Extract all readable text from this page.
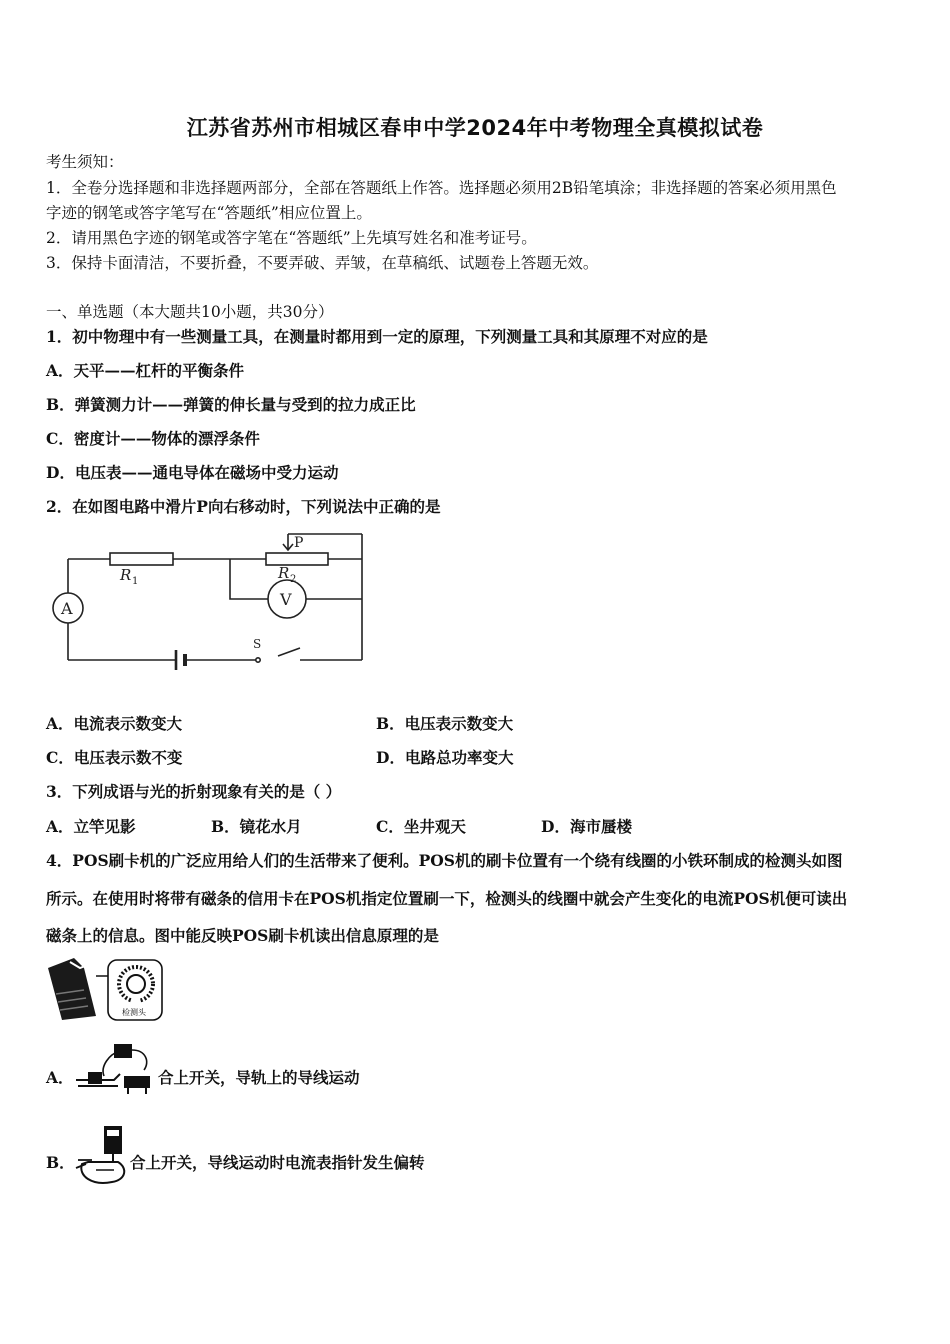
江苏省苏州市相城区春申中学2024年中考物理全真模拟试卷
考生须知：
1．全卷分选择题和非选择题两部分，全部在答题纸上作答。选择题必须用2B铅笔填涂；非选择题的答案必须用黑色
字迹的钢笔或答字笔写在“答题纸”相应位置上。
2．请用黑色字迹的钢笔或答字笔在“答题纸”上先填写姓名和准考证号。
3．保持卡面清洁，不要折叠，不要弄破、弄皱，在草稿纸、试题卷上答题无效。
一、单选题（本大题共10小题，共30分）
1．初中物理中有一些测量工具，在测量时都用到一定的原理，下列测量工具和其原理不对应的是
A．天平——杠杆的平衡条件
B．弹簧测力计——弹簧的伸长量与受到的拉力成正比
C．密度计——物体的漂浮条件
D．电压表——通电导体在磁场中受力运动
2．在如图电路中滑片P向右移动时，下列说法中正确的是
P
R 1	R 2
A	V
S
A．电流表示数变大	B．电压表示数变大
C．电压表示数不变	D．电路总功率变大
3．下列成语与光的折射现象有关的是（ ）
A．立竿见影	B．镜花水月	C．坐井观天	D．海市蜃楼
4．POS刷卡机的广泛应用给人们的生活带来了便利。POS机的刷卡位置有一个绕有线圈的小铁环制成的检测头如图
所示。在使用时将带有磁条的信用卡在POS机指定位置刷一下，检测头的线圈中就会产生变化的电流POS机便可读出
磁条上的信息。图中能反映POS刷卡机读出信息原理的是
检测头
A．	合上开关，导轨上的导线运动
B．	合上开关，导线运动时电流表指针发生偏转
